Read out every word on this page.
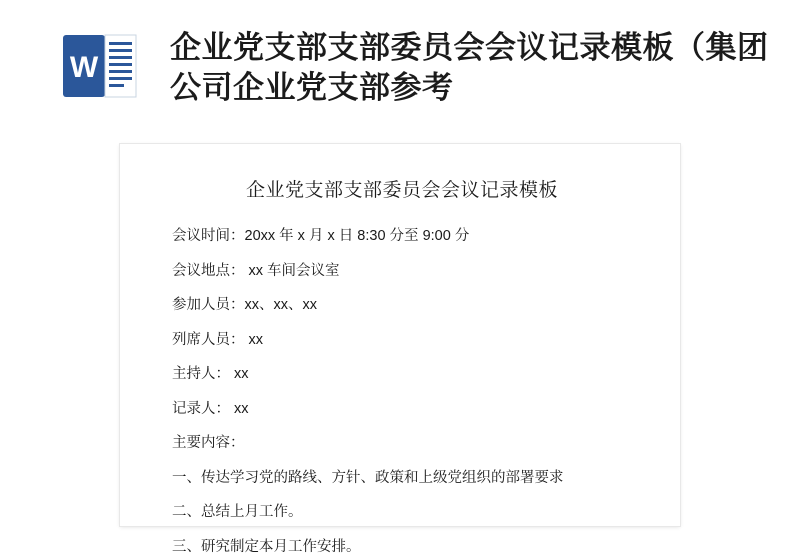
W
企业党支部支部委员会会议记录模板（集团公司企业党支部参考
企业党支部支部委员会会议记录模板

会议时间：20xx 年 x 月 x 日 8:30 分至 9:00 分

会议地点： xx 车间会议室

参加人员：xx、xx、xx

列席人员： xx

主持人： xx

记录人： xx

主要内容：

一、传达学习党的路线、方针、政策和上级党组织的部署要求

二、总结上月工作。

三、研究制定本月工作安排。
